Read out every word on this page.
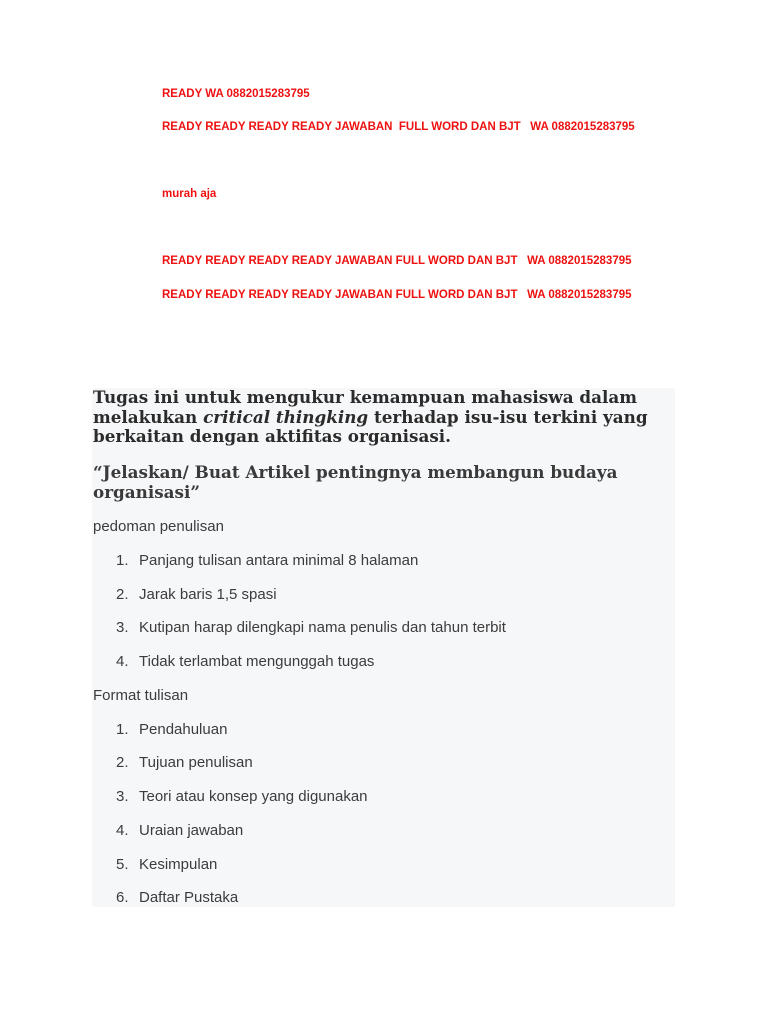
READY WA 0882015283795
READY READY READY READY JAWABAN  FULL WORD DAN BJT   WA 0882015283795
murah aja
READY READY READY READY JAWABAN FULL WORD DAN BJT   WA 0882015283795
READY READY READY READY JAWABAN FULL WORD DAN BJT   WA 0882015283795

Tugas ini untuk mengukur kemampuan mahasiswa dalam melakukan critical thingking terhadap isu-isu terkini yang berkaitan dengan aktifitas organisasi.

“Jelaskan/ Buat Artikel pentingnya membangun budaya organisasi”

pedoman penulisan
1. Panjang tulisan antara minimal 8 halaman
2. Jarak baris 1,5 spasi
3. Kutipan harap dilengkapi nama penulis dan tahun terbit
4. Tidak terlambat mengunggah tugas
Format tulisan
1. Pendahuluan
2. Tujuan penulisan
3. Teori atau konsep yang digunakan
4. Uraian jawaban
5. Kesimpulan
6. Daftar Pustaka
